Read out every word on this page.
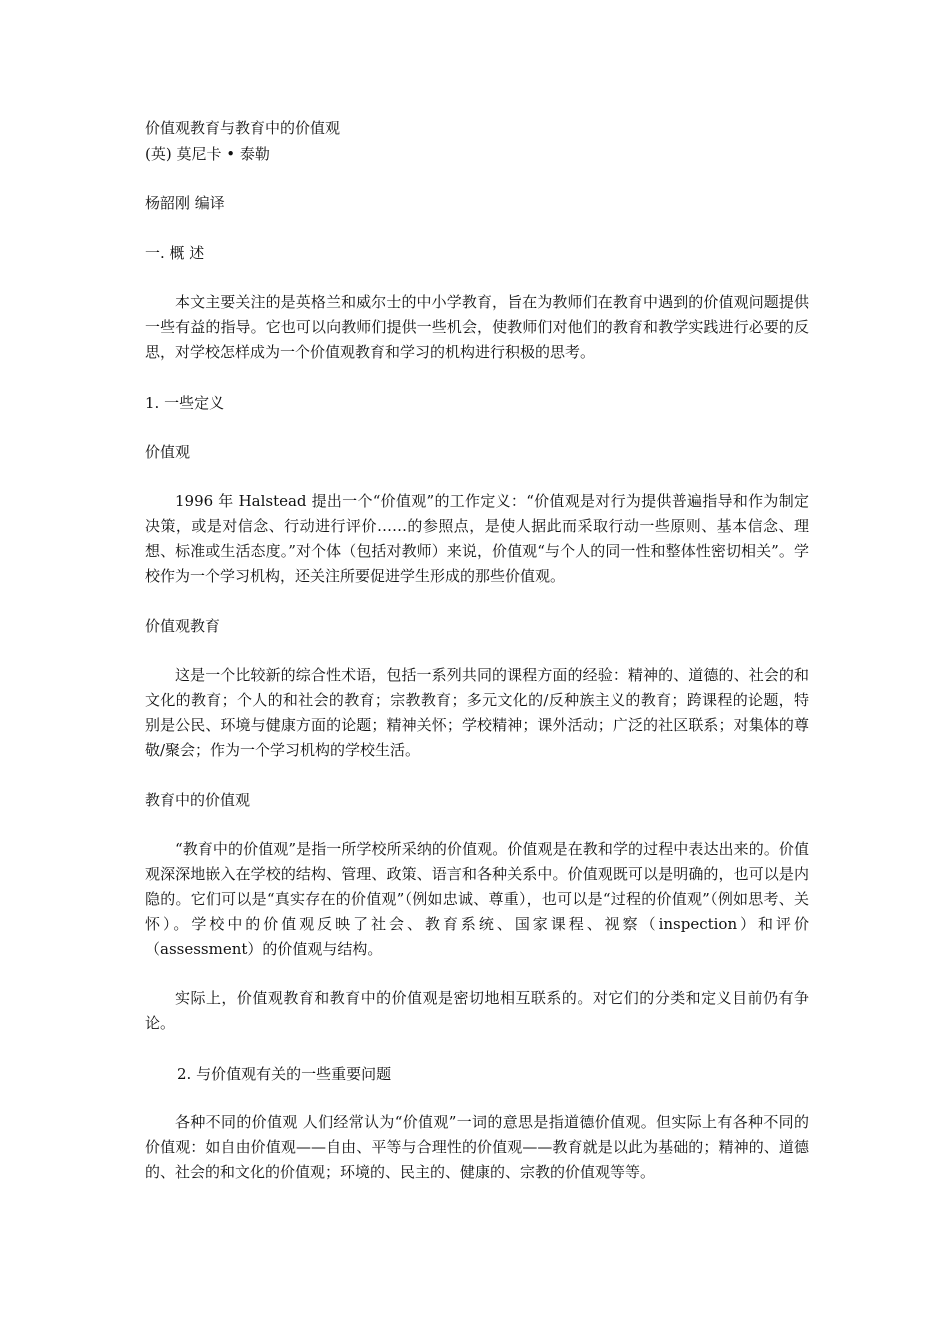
价值观教育与教育中的价值观
(英) 莫尼卡 • 泰勒
杨韶刚 编译
一. 概 述
本文主要关注的是英格兰和威尔士的中小学教育，旨在为教师们在教育中遇到的价值观问题提供一些有益的指导。它也可以向教师们提供一些机会，使教师们对他们的教育和教学实践进行必要的反思，对学校怎样成为一个价值观教育和学习的机构进行积极的思考。
1. 一些定义
价值观
1996 年 Halstead 提出一个“价值观”的工作定义：“价值观是对行为提供普遍指导和作为制定决策，或是对信念、行动进行评价……的参照点，是使人据此而采取行动一些原则、基本信念、理想、标准或生活态度。”对个体（包括对教师）来说，价值观“与个人的同一性和整体性密切相关”。学校作为一个学习机构，还关注所要促进学生形成的那些价值观。
价值观教育
这是一个比较新的综合性术语，包括一系列共同的课程方面的经验：精神的、道德的、社会的和文化的教育；个人的和社会的教育；宗教教育；多元文化的/反种族主义的教育；跨课程的论题，特别是公民、环境与健康方面的论题；精神关怀；学校精神；课外活动；广泛的社区联系；对集体的尊敬/聚会；作为一个学习机构的学校生活。
教育中的价值观
“教育中的价值观”是指一所学校所采纳的价值观。价值观是在教和学的过程中表达出来的。价值观深深地嵌入在学校的结构、管理、政策、语言和各种关系中。价值观既可以是明确的，也可以是内隐的。它们可以是“真实存在的价值观”（例如忠诚、尊重），也可以是“过程的价值观”（例如思考、关怀）。学校中的价值观反映了社会、教育系统、国家课程、视察（inspection）和评价（assessment）的价值观与结构。
实际上，价值观教育和教育中的价值观是密切地相互联系的。对它们的分类和定义目前仍有争论。
2. 与价值观有关的一些重要问题
各种不同的价值观 人们经常认为“价值观”一词的意思是指道德价值观。但实际上有各种不同的价值观：如自由价值观——自由、平等与合理性的价值观——教育就是以此为基础的；精神的、道德的、社会的和文化的价值观；环境的、民主的、健康的、宗教的价值观等等。
